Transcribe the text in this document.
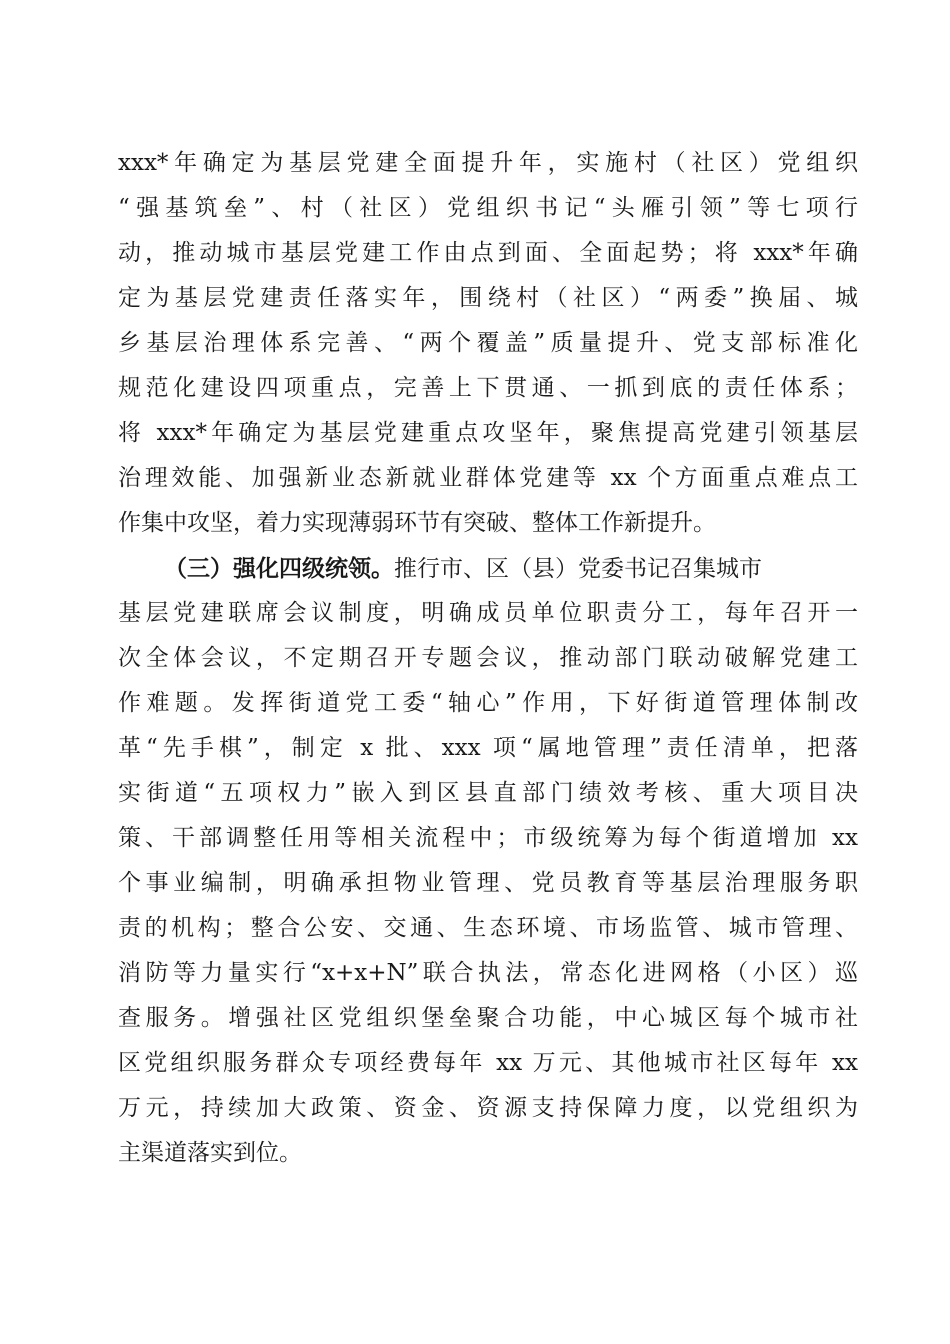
xxx*年确定为基层党建全面提升年，实施村（社区）党组织
“强基筑垒”、村（社区）党组织书记“头雁引领”等七项行
动，推动城市基层党建工作由点到面、全面起势；将 xxx*年确
定为基层党建责任落实年，围绕村（社区）“两委”换届、城
乡基层治理体系完善、“两个覆盖”质量提升、党支部标准化
规范化建设四项重点，完善上下贯通、一抓到底的责任体系；
将 xxx*年确定为基层党建重点攻坚年，聚焦提高党建引领基层
治理效能、加强新业态新就业群体党建等 xx 个方面重点难点工
作集中攻坚，着力实现薄弱环节有突破、整体工作新提升。
（三）强化四级统领。推行市、区（县）党委书记召集城市
基层党建联席会议制度，明确成员单位职责分工，每年召开一
次全体会议，不定期召开专题会议，推动部门联动破解党建工
作难题。发挥街道党工委“轴心”作用，下好街道管理体制改
革“先手棋”，制定 x 批、xxx 项“属地管理”责任清单，把落
实街道“五项权力”嵌入到区县直部门绩效考核、重大项目决
策、干部调整任用等相关流程中；市级统筹为每个街道增加 xx
个事业编制，明确承担物业管理、党员教育等基层治理服务职
责的机构；整合公安、交通、生态环境、市场监管、城市管理、
消防等力量实行“x+x+N”联合执法，常态化进网格（小区）巡
查服务。增强社区党组织堡垒聚合功能，中心城区每个城市社
区党组织服务群众专项经费每年 xx 万元、其他城市社区每年 xx
万元，持续加大政策、资金、资源支持保障力度，以党组织为
主渠道落实到位。
